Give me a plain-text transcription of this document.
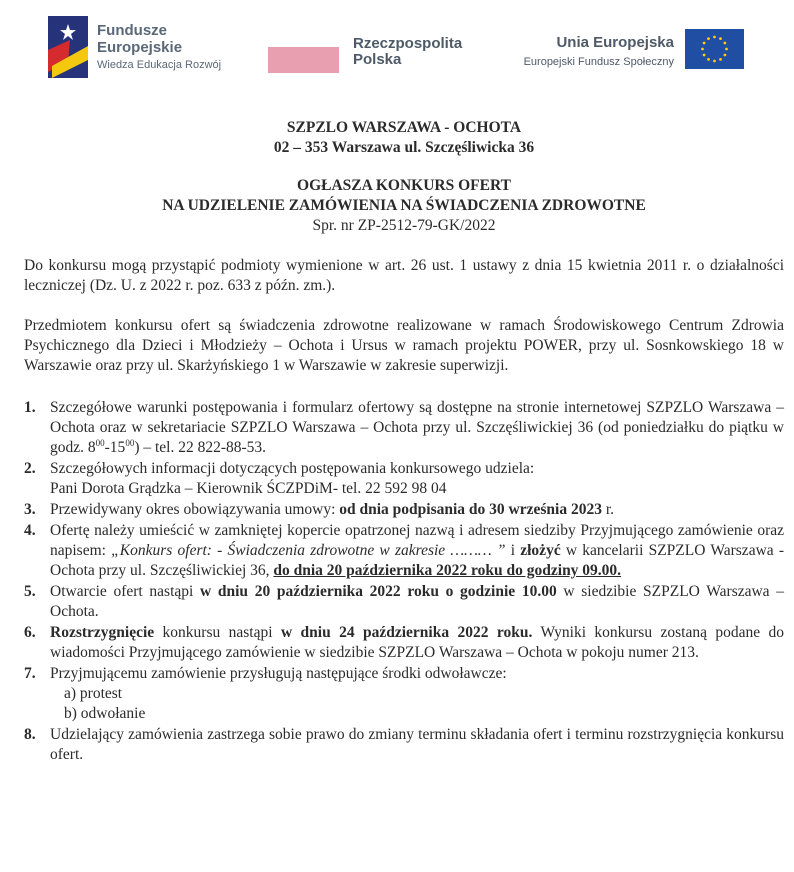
Fundusze
Europejskie
Wiedza Edukacja Rozwój
Rzeczpospolita
Polska
Unia Europejska
Europejski Fundusz Społeczny
SZPZLO WARSZAWA - OCHOTA
02 – 353 Warszawa ul. Szczęśliwicka 36
OGŁASZA KONKURS OFERT
NA UDZIELENIE ZAMÓWIENIA NA ŚWIADCZENIA ZDROWOTNE
Spr. nr ZP-2512-79-GK/2022

Do konkursu mogą przystąpić podmioty wymienione w art. 26 ust. 1 ustawy z dnia 15 kwietnia 2011 r. o działalności leczniczej (Dz. U. z 2022 r. poz. 633 z późn. zm.).

Przedmiotem konkursu ofert są świadczenia zdrowotne realizowane w ramach Środowiskowego Centrum Zdrowia Psychicznego dla Dzieci i Młodzieży – Ochota i Ursus w ramach projektu POWER, przy ul. Sosnkowskiego 18 w Warszawie oraz przy ul. Skarżyńskiego 1 w Warszawie w zakresie superwizji.

1. Szczegółowe warunki postępowania i formularz ofertowy są dostępne na stronie internetowej SZPZLO Warszawa – Ochota oraz w sekretariacie SZPZLO Warszawa – Ochota przy ul. Szczęśliwickiej 36 (od poniedziałku do piątku w godz. $8^{00}-15^{00}$) – tel. 22 822-88-53.
2. Szczegółowych informacji dotyczących postępowania konkursowego udziela:
Pani Dorota Grądzka – Kierownik ŚCZPDiM- tel. 22 592 98 04
3. Przewidywany okres obowiązywania umowy: od dnia podpisania do 30 września 2023 r.
4. Ofertę należy umieścić w zamkniętej kopercie opatrzonej nazwą i adresem siedziby Przyjmującego zamówienie oraz napisem: „Konkurs ofert: - Świadczenia zdrowotne w zakresie ……… ” i złożyć w kancelarii SZPZLO Warszawa - Ochota przy ul. Szczęśliwickiej 36, do dnia 20 października 2022 roku do godziny 09.00.
5. Otwarcie ofert nastąpi w dniu 20 października 2022 roku o godzinie 10.00 w siedzibie SZPZLO Warszawa – Ochota.
6. Rozstrzygnięcie konkursu nastąpi w dniu 24 października 2022 roku. Wyniki konkursu zostaną podane do wiadomości Przyjmującego zamówienie w siedzibie SZPZLO Warszawa – Ochota w pokoju numer 213.
7. Przyjmującemu zamówienie przysługują następujące środki odwoławcze:
a) protest
b) odwołanie
8. Udzielający zamówienia zastrzega sobie prawo do zmiany terminu składania ofert i terminu rozstrzygnięcia konkursu ofert.
